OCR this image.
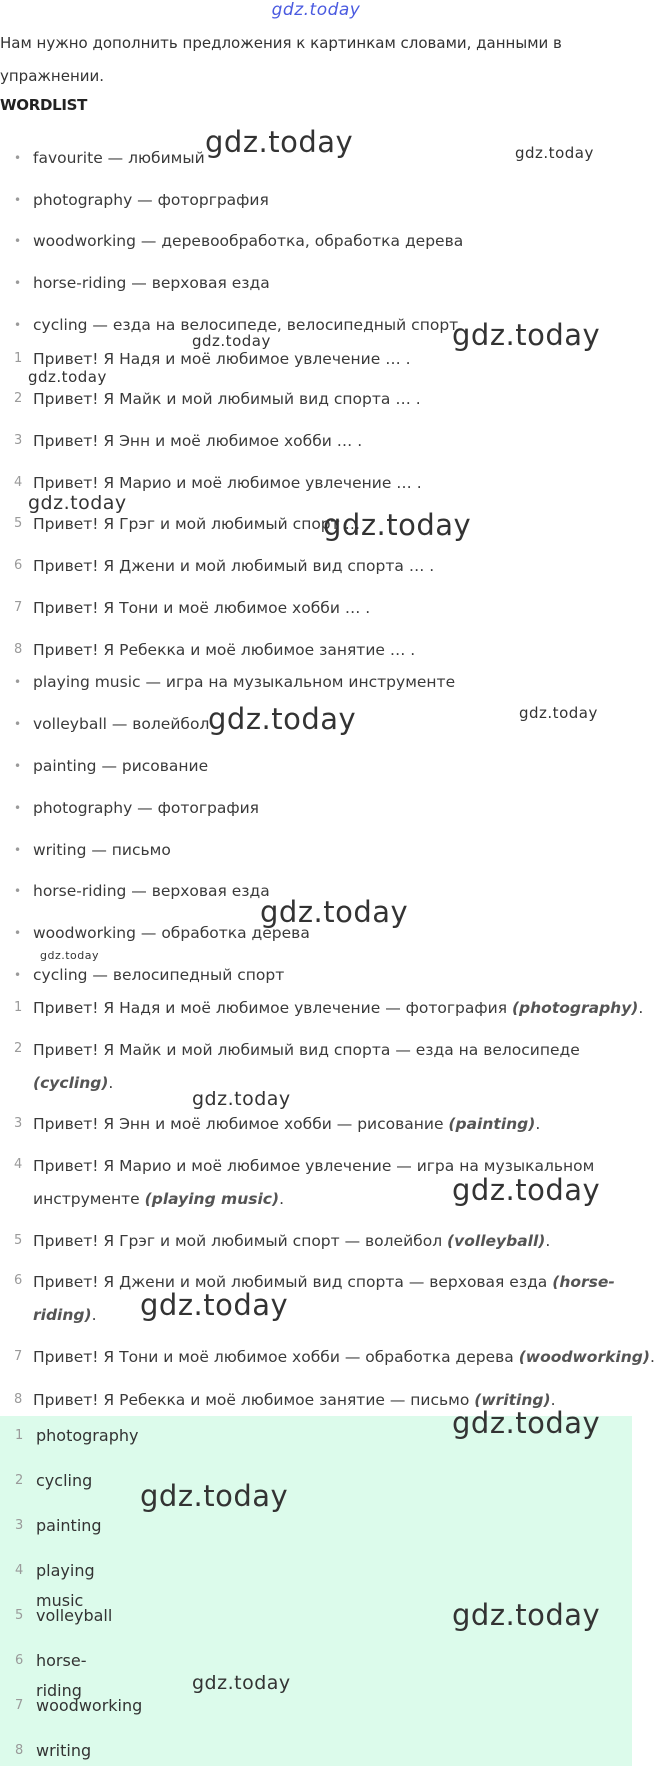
gdz.today
Нам нужно дополнить предложения к картинкам словами, данными в упражнении.
WORDLIST
• favourite — любимый
• photography — фоторграфия
• woodworking — деревообработка, обработка дерева
• horse-riding — верховая езда
• cycling — езда на велосипеде, велосипедный спорт
1 Привет! Я Надя и моё любимое увлечение … .
2 Привет! Я Майк и мой любимый вид спорта … .
3 Привет! Я Энн и моё любимое хобби … .
4 Привет! Я Марио и моё любимое увлечение … .
5 Привет! Я Грэг и мой любимый спорт … .
6 Привет! Я Джени и мой любимый вид спорта … .
7 Привет! Я Тони и моё любимое хобби … .
8 Привет! Я Ребекка и моё любимое занятие … .
• playing music — игра на музыкальном инструменте
• volleyball — волейбол
• painting — рисование
• photography — фотография
• writing — письмо
• horse-riding — верховая езда
• woodworking — обработка дерева
• cycling — велосипедный спорт
1 Привет! Я Надя и моё любимое увлечение — фотография (photography).
2 Привет! Я Майк и мой любимый вид спорта — езда на велосипеде (cycling).
3 Привет! Я Энн и моё любимое хобби — рисование (painting).
4 Привет! Я Марио и моё любимое увлечение — игра на музыкальном инструменте (playing music).
5 Привет! Я Грэг и мой любимый спорт — волейбол (volleyball).
6 Привет! Я Джени и мой любимый вид спорта — верховая езда (horse-riding).
7 Привет! Я Тони и моё любимое хобби — обработка дерева (woodworking).
8 Привет! Я Ребекка и моё любимое занятие — письмо (writing).
1 photography
2 cycling
3 painting
4 playing music
5 volleyball
6 horse-riding
7 woodworking
8 writing
gdz.today	gdz.today
gdz.today
gdz.today
gdz.today
gdz.today
gdz.today
gdz.today	gdz.today
gdz.today
gdz.today
gdz.today
gdz.today
gdz.today
gdz.today
gdz.today
gdz.today
gdz.today
